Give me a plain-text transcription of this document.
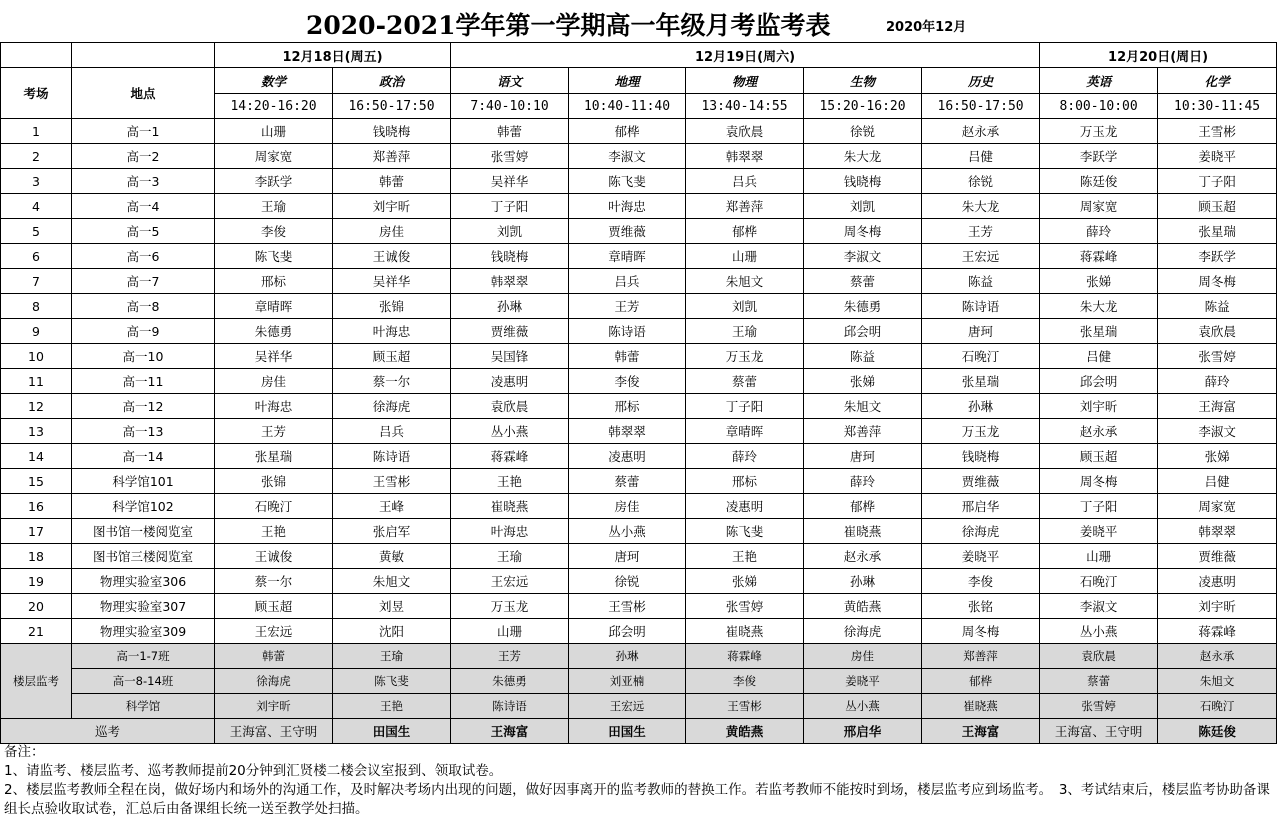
2020-2021学年第一学期高一年级月考监考表	2020年12月
		12月18日(周五)		12月19日(周六)					12月20日(周日)	
考场	地点	数学	政治	语文	地理	物理	生物	历史	英语	化学
		14:20-16:20	16:50-17:50	7:40-10:10	10:40-11:40	13:40-14:55	15:20-16:20	16:50-17:50	8:00-10:00	10:30-11:45
1	高一1	山珊	钱晓梅	韩蕾	郁桦	袁欣晨	徐锐	赵永承	万玉龙	王雪彬
2	高一2	周家宽	郑善萍	张雪婷	李淑文	韩翠翠	朱大龙	吕健	李跃学	姜晓平
3	高一3	李跃学	韩蕾	吴祥华	陈飞斐	吕兵	钱晓梅	徐锐	陈廷俊	丁子阳
4	高一4	王瑜	刘宇昕	丁子阳	叶海忠	郑善萍	刘凯	朱大龙	周家宽	顾玉超
5	高一5	李俊	房佳	刘凯	贾维薇	郁桦	周冬梅	王芳	薛玲	张星瑞
6	高一6	陈飞斐	王诚俊	钱晓梅	章晴晖	山珊	李淑文	王宏远	蒋霖峰	李跃学
7	高一7	邢标	吴祥华	韩翠翠	吕兵	朱旭文	蔡蕾	陈益	张娣	周冬梅
8	高一8	章晴晖	张锦	孙琳	王芳	刘凯	朱德勇	陈诗语	朱大龙	陈益
9	高一9	朱德勇	叶海忠	贾维薇	陈诗语	王瑜	邱会明	唐珂	张星瑞	袁欣晨
10	高一10	吴祥华	顾玉超	吴国锋	韩蕾	万玉龙	陈益	石晚汀	吕健	张雪婷
11	高一11	房佳	蔡一尔	凌惠明	李俊	蔡蕾	张娣	张星瑞	邱会明	薛玲
12	高一12	叶海忠	徐海虎	袁欣晨	邢标	丁子阳	朱旭文	孙琳	刘宇昕	王海富
13	高一13	王芳	吕兵	丛小燕	韩翠翠	章晴晖	郑善萍	万玉龙	赵永承	李淑文
14	高一14	张星瑞	陈诗语	蒋霖峰	凌惠明	薛玲	唐珂	钱晓梅	顾玉超	张娣
15	科学馆101	张锦	王雪彬	王艳	蔡蕾	邢标	薛玲	贾维薇	周冬梅	吕健
16	科学馆102	石晚汀	王峰	崔晓燕	房佳	凌惠明	郁桦	邢启华	丁子阳	周家宽
17	图书馆一楼阅览室	王艳	张启军	叶海忠	丛小燕	陈飞斐	崔晓燕	徐海虎	姜晓平	韩翠翠
18	图书馆三楼阅览室	王诚俊	黄敏	王瑜	唐珂	王艳	赵永承	姜晓平	山珊	贾维薇
19	物理实验室306	蔡一尔	朱旭文	王宏远	徐锐	张娣	孙琳	李俊	石晚汀	凌惠明
20	物理实验室307	顾玉超	刘昱	万玉龙	王雪彬	张雪婷	黄皓燕	张铭	李淑文	刘宇昕
21	物理实验室309	王宏远	沈阳	山珊	邱会明	崔晓燕	徐海虎	周冬梅	丛小燕	蒋霖峰
楼层监考	高一1-7班	韩蕾	王瑜	王芳	孙琳	蒋霖峰	房佳	郑善萍	袁欣晨	赵永承
	高一8-14班	徐海虎	陈飞斐	朱德勇	刘亚楠	李俊	姜晓平	郁桦	蔡蕾	朱旭文
	科学馆	刘宇昕	王艳	陈诗语	王宏远	王雪彬	丛小燕	崔晓燕	张雪婷	石晚汀
巡考		王海富、王守明	田国生	王海富	田国生	黄皓燕	邢启华	王海富	王海富、王守明	陈廷俊
备注：
1、请监考、楼层监考、巡考教师提前20分钟到汇贤楼二楼会议室报到、领取试卷。
2、楼层监考教师全程在岗，做好场内和场外的沟通工作，及时解决考场内出现的问题，做好因事离开的监考教师的替换工作。若监考教师不能按时到场，楼层监考应到场监考。　3、考试结束后，楼层监考协助备课组长点验收取试卷，汇总后由备课组长统一送至教学处扫描。
